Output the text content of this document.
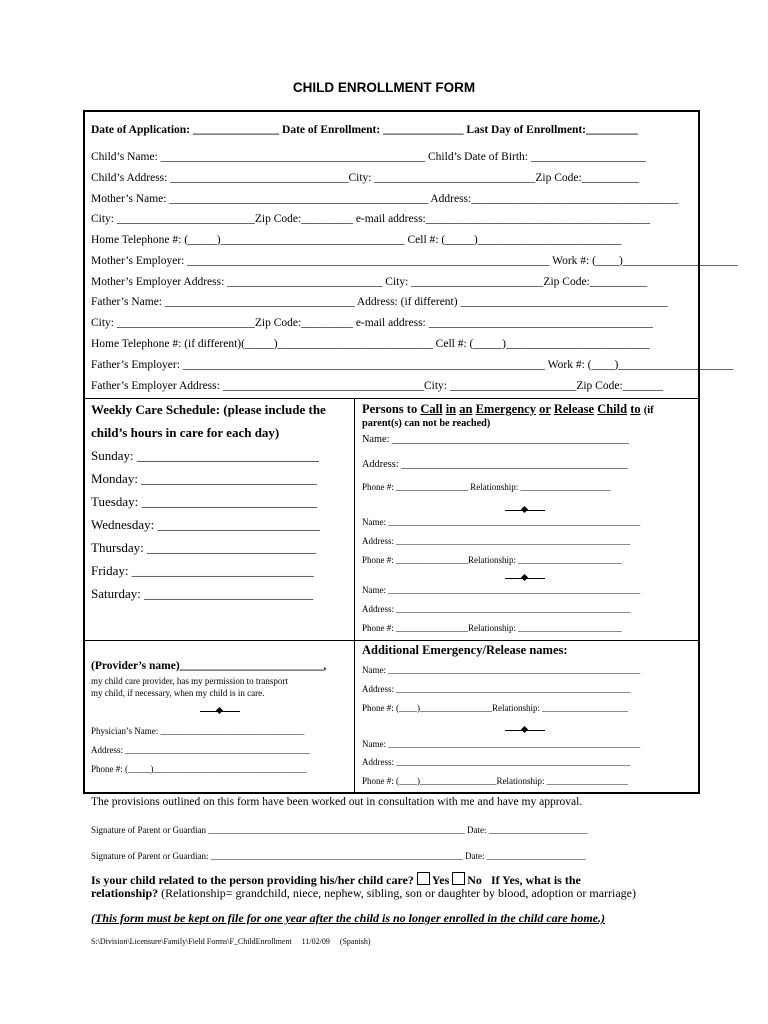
CHILD ENROLLMENT FORM
Date of Application: _______________ Date of Enrollment: ______________ Last Day of Enrollment:_________
Child’s Name: ______________________________________________ Child’s Date of Birth: ____________________
Child’s Address: _______________________________City: ____________________________Zip Code:__________
Mother’s Name: _____________________________________________ Address:____________________________________
City: ________________________Zip Code:_________ e-mail address:_______________________________________
Home Telephone #: (_____)________________________________ Cell #: (_____)_________________________
Mother’s Employer: _______________________________________________________________ Work #: (____)____________________
Mother’s Employer Address: ___________________________ City: _______________________Zip Code:__________
Father’s Name: _________________________________ Address: (if different) ____________________________________
City: ________________________Zip Code:_________ e-mail address: _______________________________________
Home Telephone #: (if different)(_____)___________________________ Cell #: (_____)_________________________
Father’s Employer: _______________________________________________________________ Work #: (____)____________________
Father’s Employer Address: ___________________________________City: ______________________Zip Code:_______
Weekly Care Schedule: (please include the
child’s hours in care for each day)
Sunday: ____________________________
Monday: ___________________________
Tuesday: ___________________________
Wednesday: _________________________
Thursday: __________________________
Friday: ____________________________
Saturday: __________________________
Persons to Call in an Emergency or Release Child to (if
parent(s) can not be reached)
Name: ______________________________________________
Address: ____________________________________________
Phone #: ________________ Relationship: ____________________
Name: ________________________________________________________
Address: ____________________________________________________
Phone #: ________________Relationship: _______________________
Name: ________________________________________________________
Address: ____________________________________________________
Phone #: ________________Relationship: _______________________
(Provider’s name)_________________________,
my child care provider, has my permission to transport
my child, if necessary, when my child is in care.
Physician’s Name: ________________________________
Address: _________________________________________
Phone #: (_____)__________________________________
Additional Emergency/Release names:
Name: ________________________________________________________
Address: ____________________________________________________
Phone #: (____)________________Relationship: ___________________
Name: ________________________________________________________
Address: ____________________________________________________
Phone #: (____)_________________Relationship: __________________
The provisions outlined on this form have been worked out in consultation with me and have my approval.
Signature of Parent or Guardian _________________________________________________________ Date: ______________________
Signature of Parent or Guardian: ________________________________________________________ Date: ______________________
Is your child related to the person providing his/her child care? Yes No If Yes, what is the
relationship? (Relationship= grandchild, niece, nephew, sibling, son or daughter by blood, adoption or marriage)
(This form must be kept on file for one year after the child is no longer enrolled in the child care home.)
S:\Division\Licensure\Family\Field Forms\F_ChildEnrollment     11/02/09     (Spanish)
